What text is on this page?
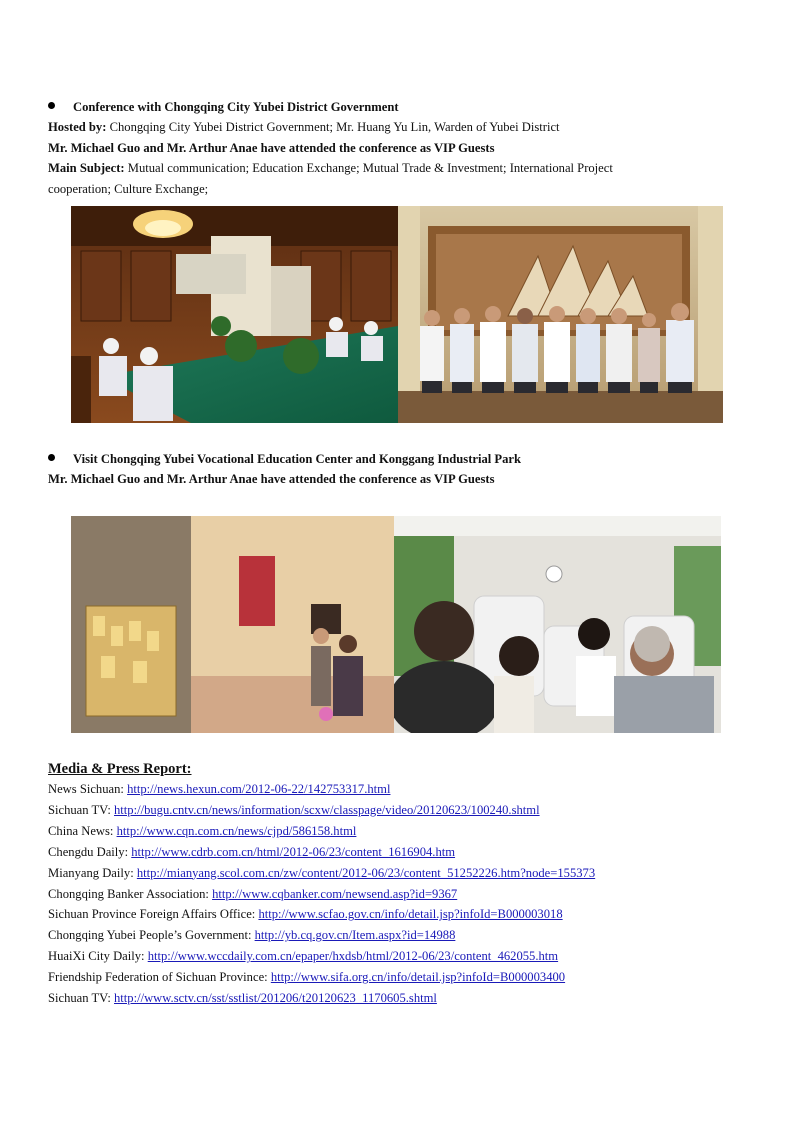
Conference with Chongqing City Yubei District Government
Hosted by: Chongqing City Yubei District Government; Mr. Huang Yu Lin, Warden of Yubei District
Mr. Michael Guo and Mr. Arthur Anae have attended the conference as VIP Guests
Main Subject: Mutual communication; Education Exchange; Mutual Trade & Investment; International Project
cooperation; Culture Exchange;
Visit Chongqing Yubei Vocational Education Center and Konggang Industrial Park
Mr. Michael Guo and Mr. Arthur Anae have attended the conference as VIP Guests
Media & Press Report:
News Sichuan: http://news.hexun.com/2012-06-22/142753317.html
Sichuan TV: http://bugu.cntv.cn/news/information/scxw/classpage/video/20120623/100240.shtml
China News: http://www.cqn.com.cn/news/cjpd/586158.html
Chengdu Daily: http://www.cdrb.com.cn/html/2012-06/23/content_1616904.htm
Mianyang Daily: http://mianyang.scol.com.cn/zw/content/2012-06/23/content_51252226.htm?node=155373
Chongqing Banker Association: http://www.cqbanker.com/newsend.asp?id=9367
Sichuan Province Foreign Affairs Office: http://www.scfao.gov.cn/info/detail.jsp?infoId=B000003018
Chongqing Yubei People’s Government: http://yb.cq.gov.cn/Item.aspx?id=14988
HuaiXi City Daily: http://www.wccdaily.com.cn/epaper/hxdsb/html/2012-06/23/content_462055.htm
Friendship Federation of Sichuan Province: http://www.sifa.org.cn/info/detail.jsp?infoId=B000003400
Sichuan TV: http://www.sctv.cn/sst/sstlist/201206/t20120623_1170605.shtml
